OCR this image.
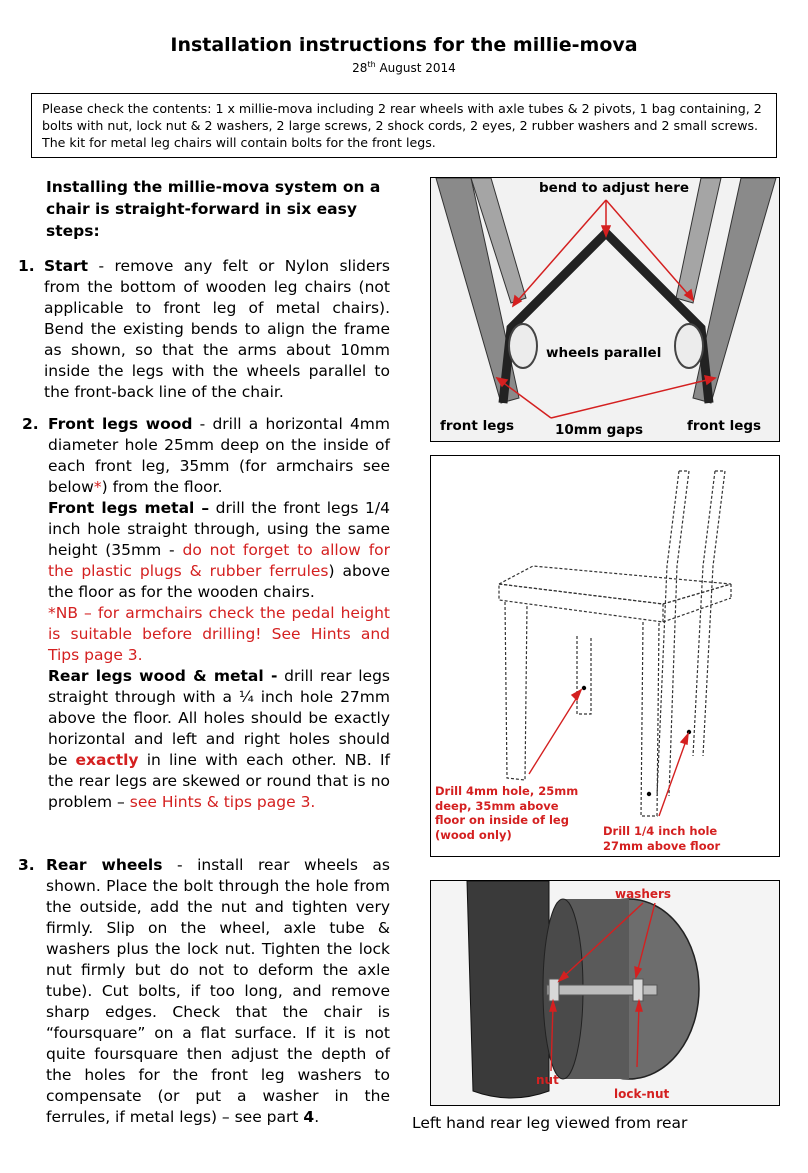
Installation instructions for the millie-mova
28th August 2014
Please check the contents: 1 x millie-mova including 2 rear wheels with axle tubes & 2 pivots, 1 bag containing, 2 bolts with nut, lock nut & 2 washers, 2 large screws, 2 shock cords, 2 eyes, 2 rubber washers and 2 small screws. The kit for metal leg chairs will contain bolts for the front legs.
Installing the millie-mova system on a chair is straight-forward in six easy steps:
1. Start - remove any felt or Nylon sliders from the bottom of wooden leg chairs (not applicable to front leg of metal chairs). Bend the existing bends to align the frame as shown, so that the arms about 10mm inside the legs with the wheels parallel to the front-back line of the chair.
2. Front legs wood - drill a horizontal 4mm diameter hole 25mm deep on the inside of each front leg, 35mm (for armchairs see below*) from the floor.
Front legs metal – drill the front legs 1/4 inch hole straight through, using the same height (35mm - do not forget to allow for the plastic plugs & rubber ferrules) above the floor as for the wooden chairs.
*NB – for armchairs check the pedal height is suitable before drilling! See Hints and Tips page 3.
Rear legs wood & metal - drill rear legs straight through with a ¼ inch hole 27mm above the floor. All holes should be exactly horizontal and left and right holes should be exactly in line with each other. NB. If the rear legs are skewed or round that is no problem – see Hints & tips page 3.
3. Rear wheels - install rear wheels as shown. Place the bolt through the hole from the outside, add the nut and tighten very firmly. Slip on the wheel, axle tube & washers plus the lock nut. Tighten the lock nut firmly but do not to deform the axle tube). Cut bolts, if too long, and remove sharp edges. Check that the chair is “foursquare” on a flat surface. If it is not quite foursquare then adjust the depth of the holes for the front leg washers to compensate (or put a washer in the ferrules, if metal legs) – see part 4.
bend to adjust here
wheels parallel
front legs	10mm gaps	front legs
Drill 4mm hole, 25mm deep, 35mm above floor on inside of leg (wood only)	Drill 1/4 inch hole 27mm above floor
washers
nut
lock-nut
Left hand rear leg viewed from rear
